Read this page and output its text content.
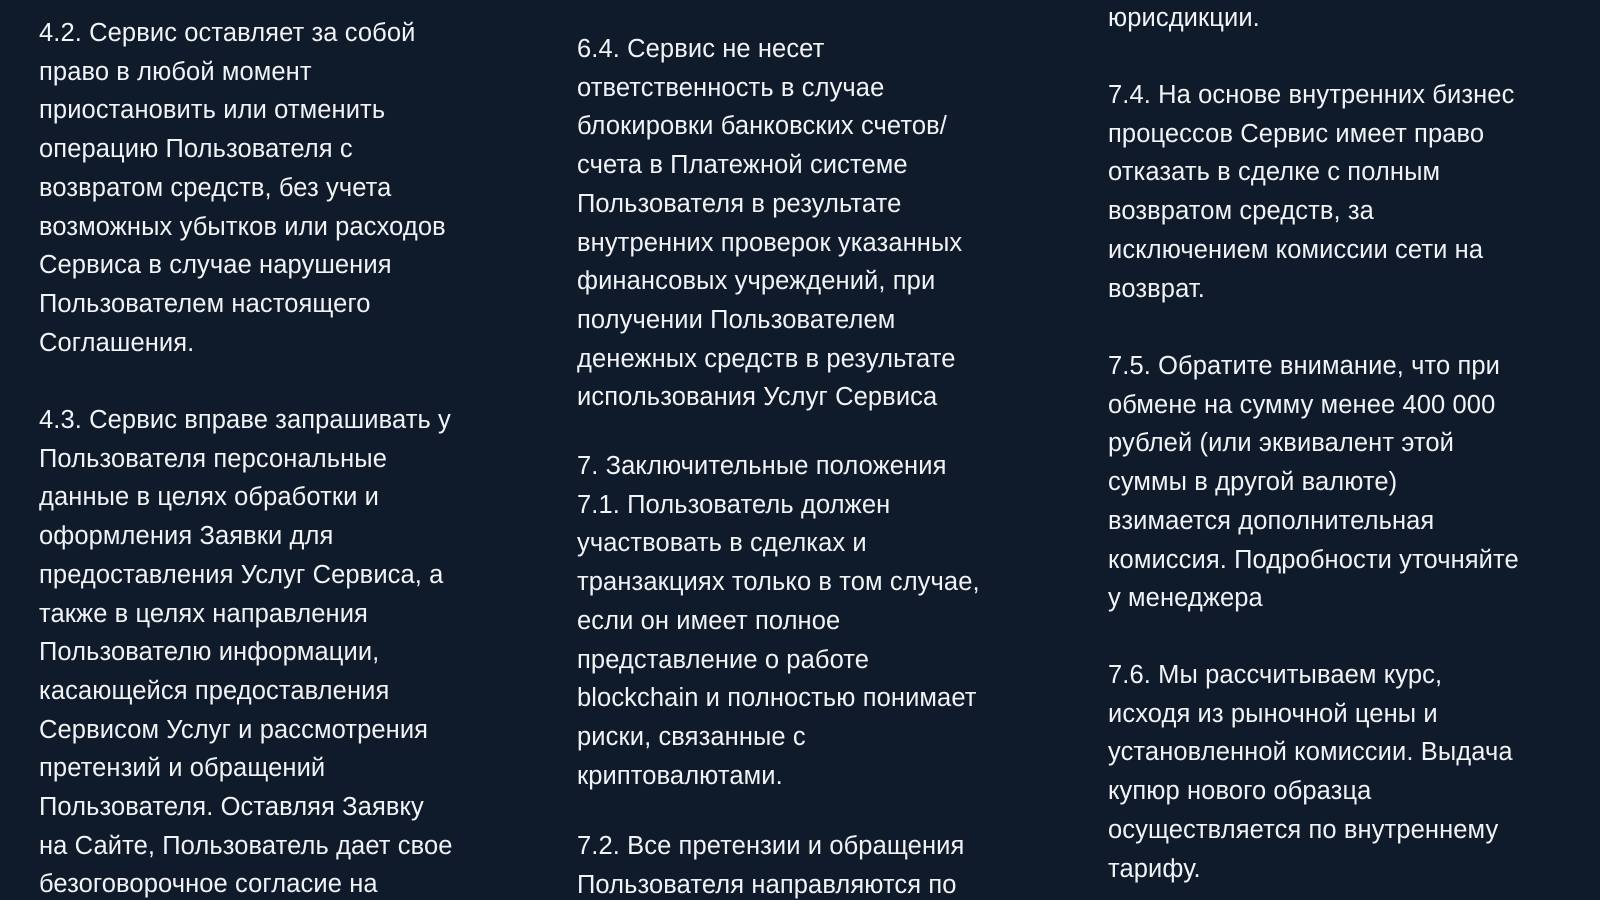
4.2. Сервис оставляет за собой
право в любой момент
приостановить или отменить
операцию Пользователя с
возвратом средств, без учета
возможных убытков или расходов
Сервиса в случае нарушения
Пользователем настоящего
Соглашения.

4.3. Сервис вправе запрашивать у
Пользователя персональные
данные в целях обработки и
оформления Заявки для
предоставления Услуг Сервиса, а
также в целях направления
Пользователю информации,
касающейся предоставления
Сервисом Услуг и рассмотрения
претензий и обращений
Пользователя. Оставляя Заявку
на Сайте, Пользователь дает свое
безоговорочное согласие на

6.4. Сервис не несет
ответственность в случае
блокировки банковских счетов/
счета в Платежной системе
Пользователя в результате
внутренних проверок указанных
финансовых учреждений, при
получении Пользователем
денежных средств в результате
использования Услуг Сервиса

7. Заключительные положения
7.1. Пользователь должен
участвовать в сделках и
транзакциях только в том случае,
если он имеет полное
представление о работе
blockchain и полностью понимает
риски, связанные с
криптовалютами.

7.2. Все претензии и обращения
Пользователя направляются по

юрисдикции.

7.4. На основе внутренних бизнес
процессов Сервис имеет право
отказать в сделке с полным
возвратом средств, за
исключением комиссии сети на
возврат.

7.5. Обратите внимание, что при
обмене на сумму менее 400 000
рублей (или эквивалент этой
суммы в другой валюте)
взимается дополнительная
комиссия. Подробности уточняйте
у менеджера

7.6. Мы рассчитываем курс,
исходя из рыночной цены и
установленной комиссии. Выдача
купюр нового образца
осуществляется по внутреннему
тарифу.
